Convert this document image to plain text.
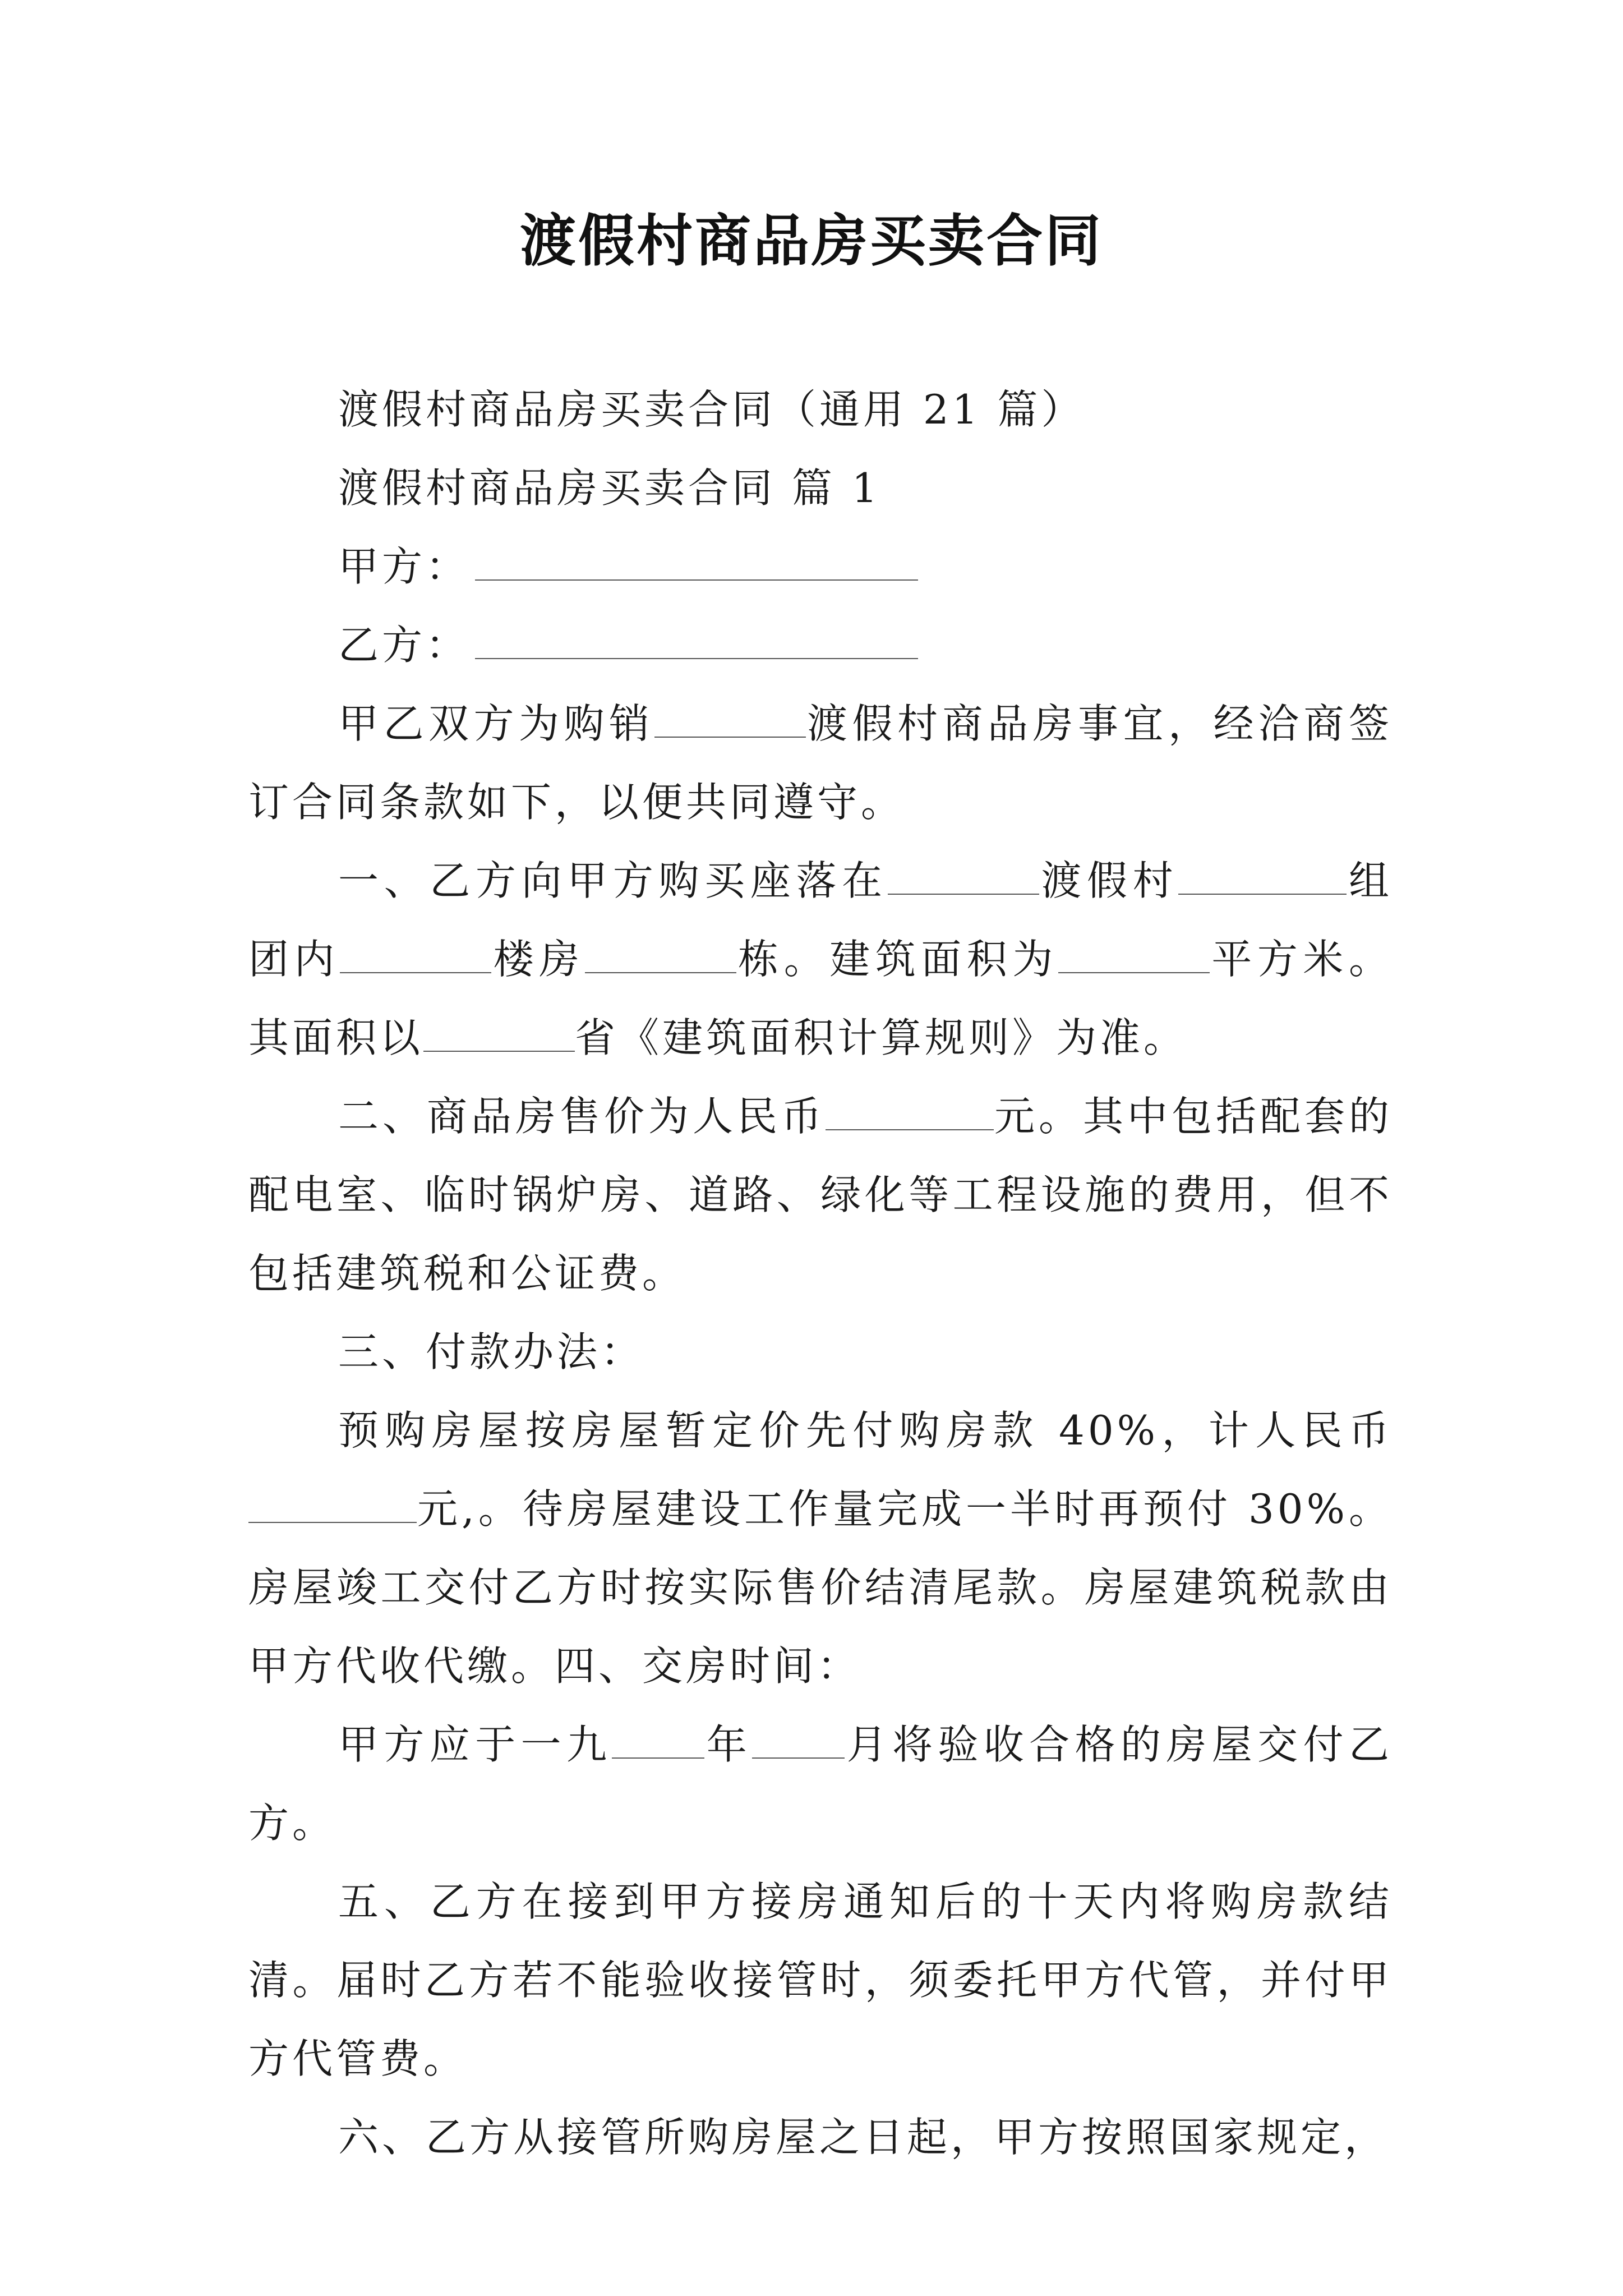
渡假村商品房买卖合同

渡假村商品房买卖合同（通用 21 篇）

渡假村商品房买卖合同 篇 1

甲方：

乙方：

甲乙双方为购销	渡假村商品房事宜，经洽商签订合同条款如下，以便共同遵守。

一、乙方向甲方购买座落在	渡假村	组团内	楼房	栋。建筑面积为	平方米。其面积以	省《建筑面积计算规则》为准。

二、商品房售价为人民币	元。其中包括配套的配电室、临时锅炉房、道路、绿化等工程设施的费用，但不包括建筑税和公证费。

三、付款办法：

预购房屋按房屋暂定价先付购房款 40%，计人民币元,。待房屋建设工作量完成一半时再预付 30%。房屋竣工交付乙方时按实际售价结清尾款。房屋建筑税款由甲方代收代缴。四、交房时间：

甲方应于一九 年 月将验收合格的房屋交付乙方。

五、乙方在接到甲方接房通知后的十天内将购房款结清。届时乙方若不能验收接管时，须委托甲方代管，并付甲方代管费。

六、乙方从接管所购房屋之日起，甲方按照国家规定，
